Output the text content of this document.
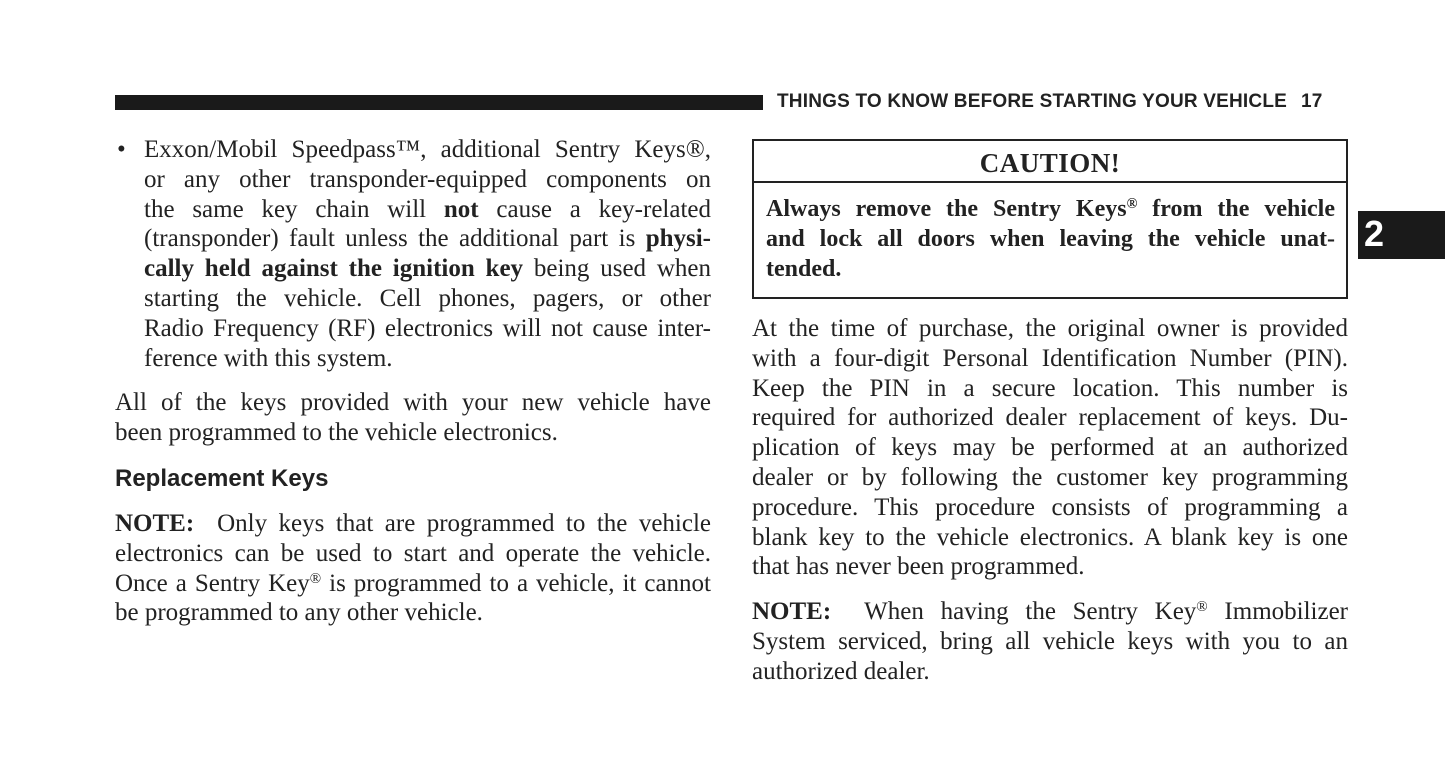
THINGS TO KNOW BEFORE STARTING YOUR VEHICLE 17
2
• Exxon/Mobil Speedpass™, additional Sentry Keys®,

or any other transponder-equipped components on

the same key chain will not cause a key-related

(transponder) fault unless the additional part is physi-

cally held against the ignition key being used when

starting the vehicle. Cell phones, pagers, or other

Radio Frequency (RF) electronics will not cause inter-

ference with this system.

All of the keys provided with your new vehicle have

been programmed to the vehicle electronics.

Replacement Keys

NOTE:  Only keys that are programmed to the vehicle

electronics can be used to start and operate the vehicle.

Once a Sentry Key® is programmed to a vehicle, it cannot

be programmed to any other vehicle.

CAUTION!

Always remove the Sentry Keys® from the vehicle

and lock all doors when leaving the vehicle unat-

tended.

At the time of purchase, the original owner is provided

with a four-digit Personal Identification Number (PIN).

Keep the PIN in a secure location. This number is

required for authorized dealer replacement of keys. Du-

plication of keys may be performed at an authorized

dealer or by following the customer key programming

procedure. This procedure consists of programming a

blank key to the vehicle electronics. A blank key is one

that has never been programmed.

NOTE:  When having the Sentry Key® Immobilizer

System serviced, bring all vehicle keys with you to an

authorized dealer.
